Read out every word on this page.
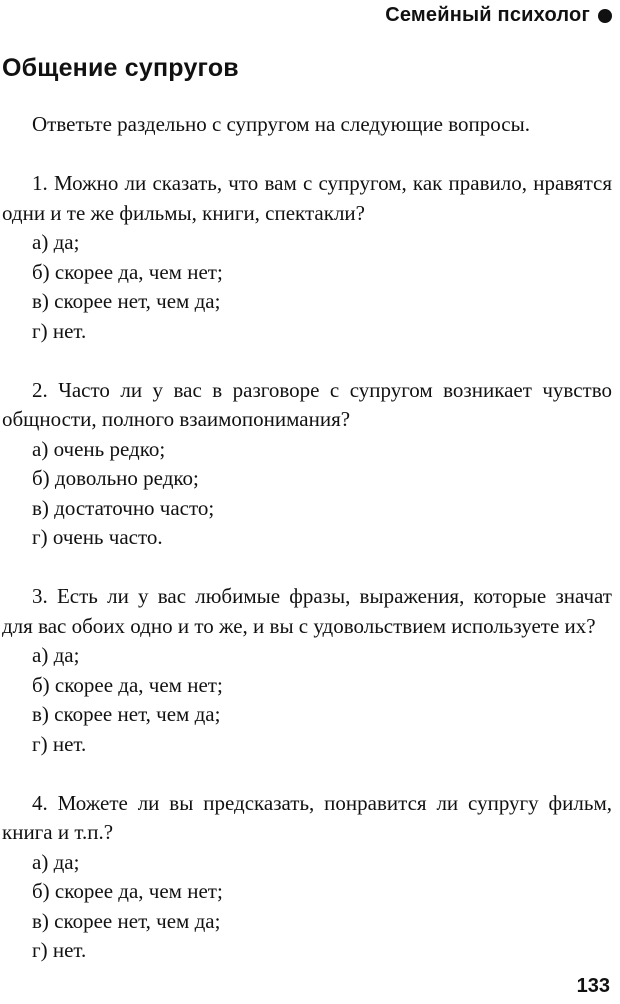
Семейный психолог
Общение супругов

Ответьте раздельно с супругом на следующие вопросы.

1. Можно ли сказать, что вам с супругом, как правило, нравятся одни и те же фильмы, книги, спектакли?

а) да;
б) скорее да, чем нет;
в) скорее нет, чем да;
г) нет.

2. Часто ли у вас в разговоре с супругом возникает чувство общности, полного взаимопонимания?

а) очень редко;
б) довольно редко;
в) достаточно часто;
г) очень часто.

3. Есть ли у вас любимые фразы, выражения, которые значат для вас обоих одно и то же, и вы с удовольствием используете их?

а) да;
б) скорее да, чем нет;
в) скорее нет, чем да;
г) нет.

4. Можете ли вы предсказать, понравится ли супругу фильм, книга и т.п.?

а) да;
б) скорее да, чем нет;
в) скорее нет, чем да;
г) нет.
133
